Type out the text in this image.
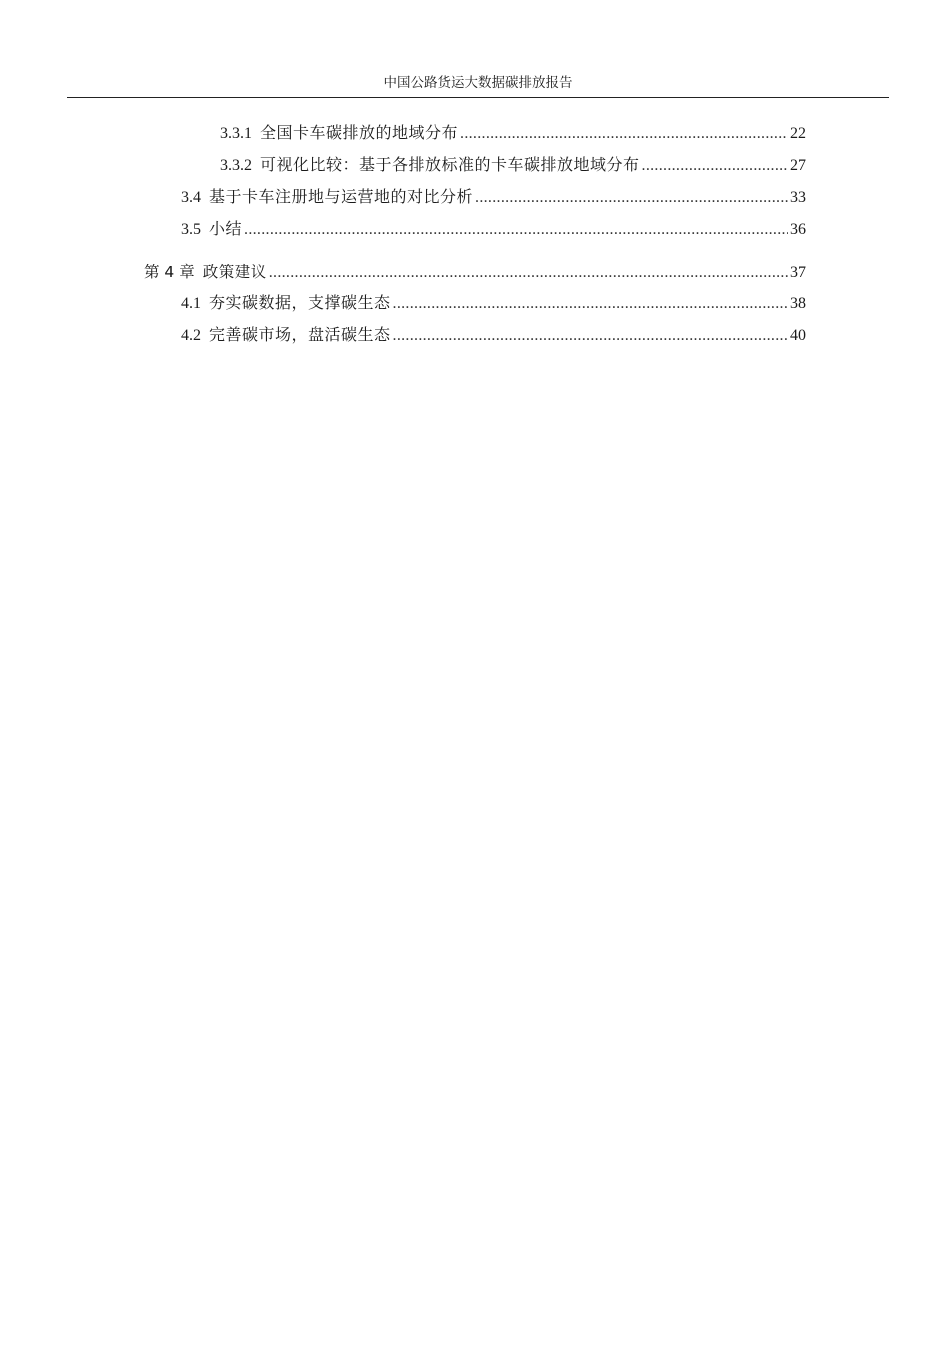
中国公路货运大数据碳排放报告
3.3.1 全国卡车碳排放的地域分布 .....	22
3.3.2 可视化比较：基于各排放标准的卡车碳排放地域分布 .....	27
3.4 基于卡车注册地与运营地的对比分析 .....	33
3.5 小结 .....	36
第 4 章 政策建议 .....	37
4.1 夯实碳数据，支撑碳生态 .....	38
4.2 完善碳市场，盘活碳生态 .....	40
